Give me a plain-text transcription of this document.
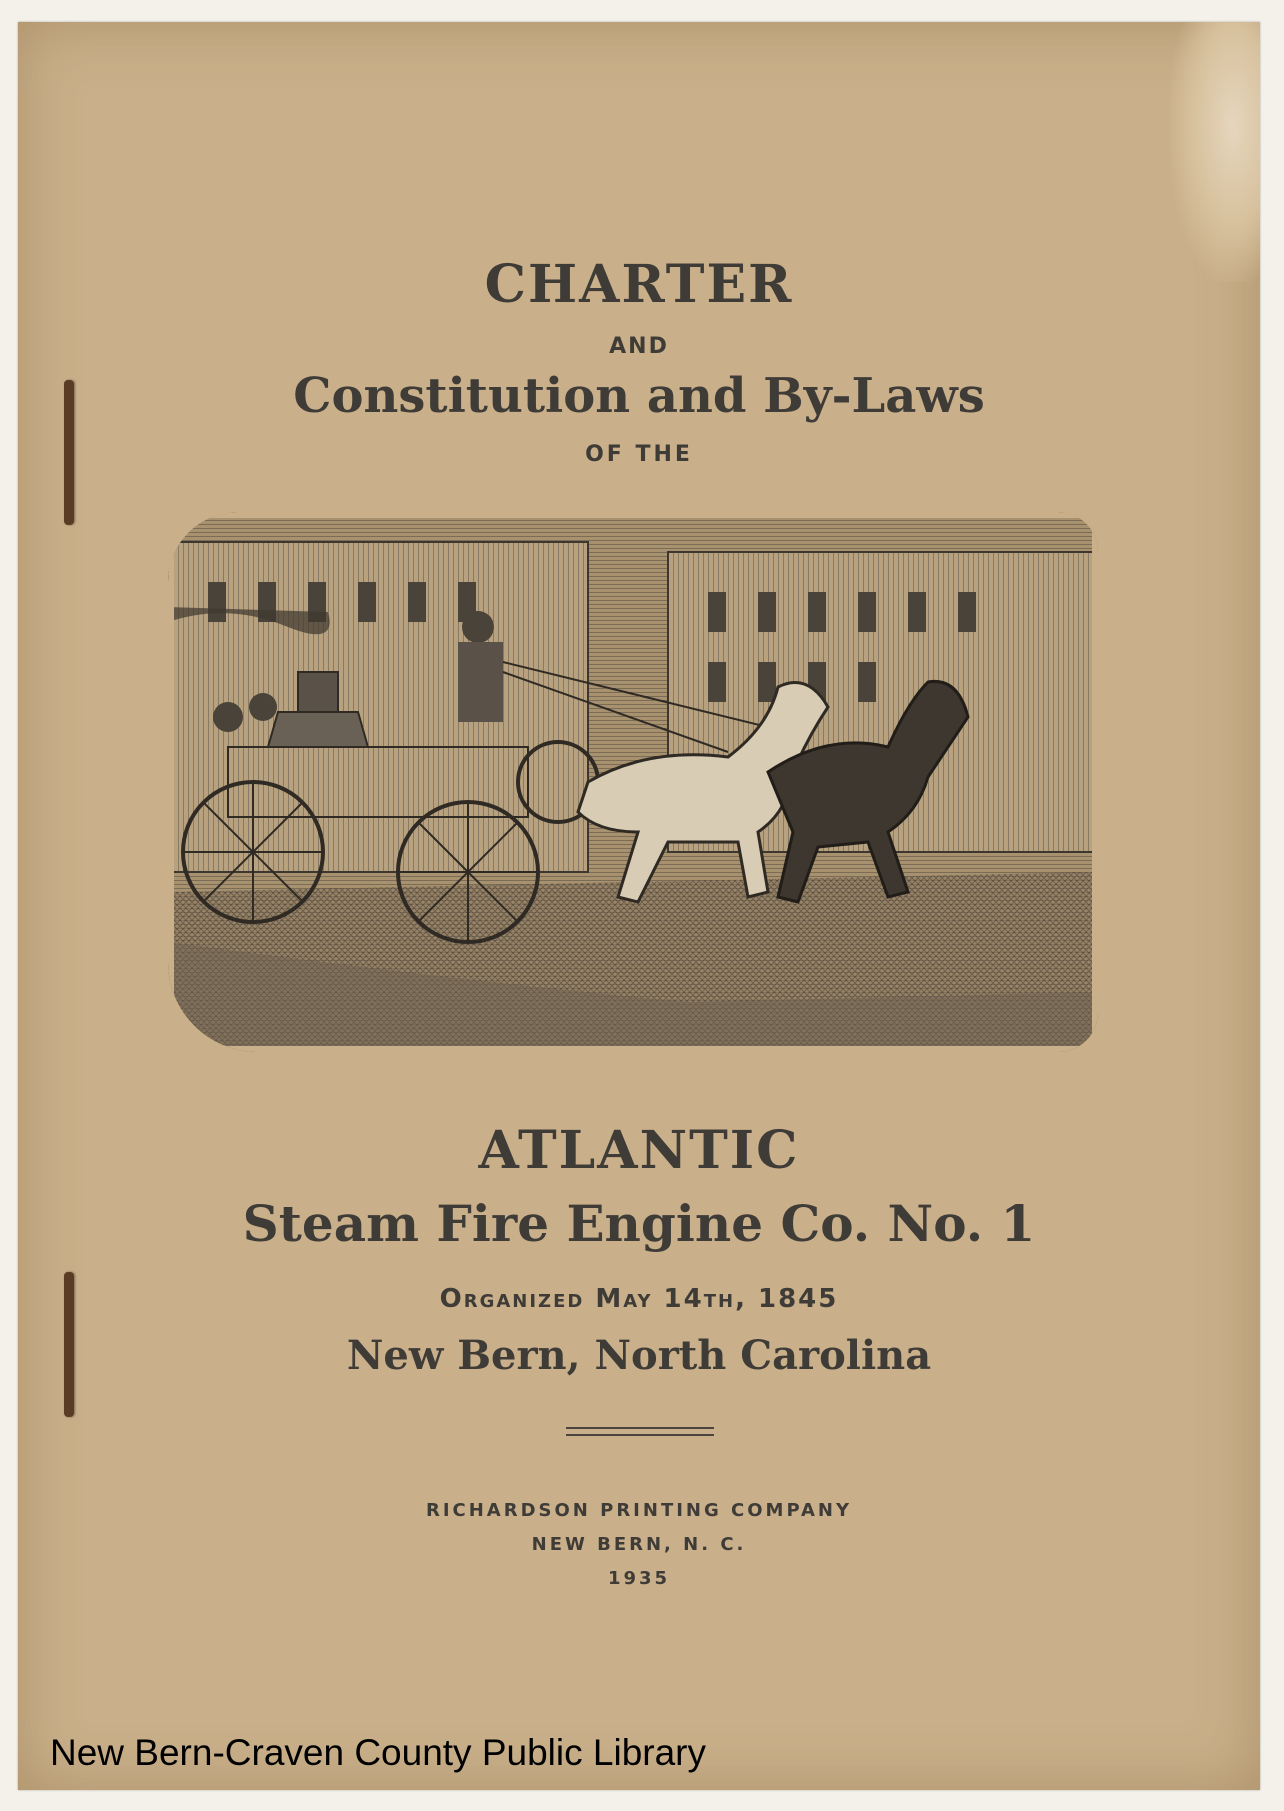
CHARTER
AND
Constitution and By-Laws
OF THE
ATLANTIC
Steam Fire Engine Co. No. 1
Organized May 14th, 1845
New Bern, North Carolina
RICHARDSON PRINTING COMPANY
NEW BERN, N. C.
1935
New Bern-Craven County Public Library
